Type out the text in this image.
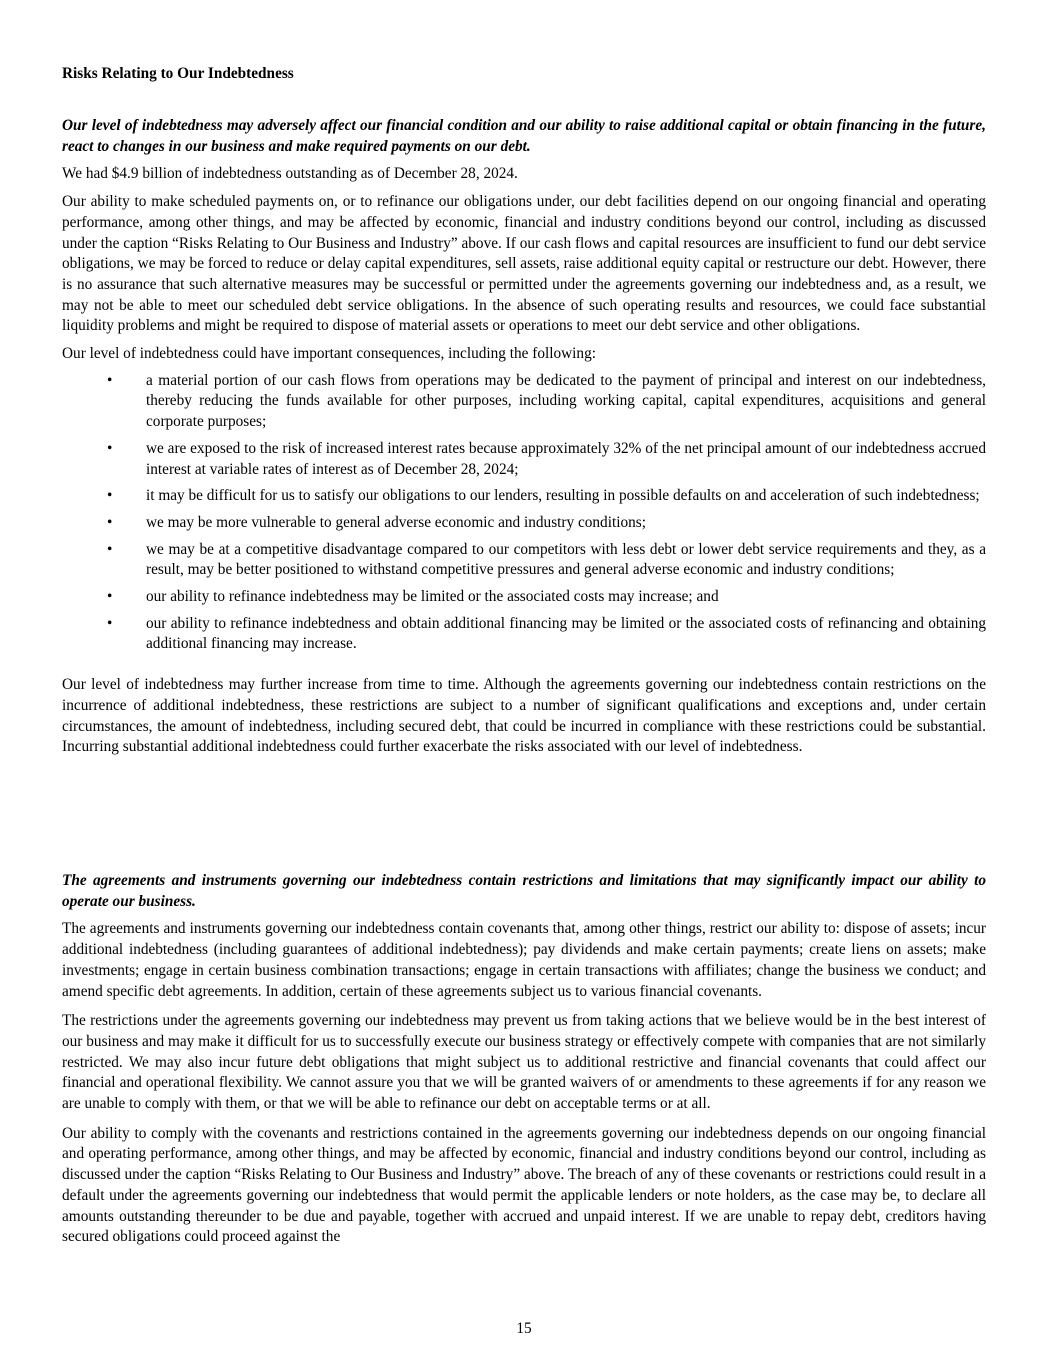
Risks Relating to Our Indebtedness

Our level of indebtedness may adversely affect our financial condition and our ability to raise additional capital or obtain financing in the future, react to changes in our business and make required payments on our debt.

We had $4.9 billion of indebtedness outstanding as of December 28, 2024.

Our ability to make scheduled payments on, or to refinance our obligations under, our debt facilities depend on our ongoing financial and operating performance, among other things, and may be affected by economic, financial and industry conditions beyond our control, including as discussed under the caption “Risks Relating to Our Business and Industry” above. If our cash flows and capital resources are insufficient to fund our debt service obligations, we may be forced to reduce or delay capital expenditures, sell assets, raise additional equity capital or restructure our debt. However, there is no assurance that such alternative measures may be successful or permitted under the agreements governing our indebtedness and, as a result, we may not be able to meet our scheduled debt service obligations. In the absence of such operating results and resources, we could face substantial liquidity problems and might be required to dispose of material assets or operations to meet our debt service and other obligations.

Our level of indebtedness could have important consequences, including the following:

• a material portion of our cash flows from operations may be dedicated to the payment of principal and interest on our indebtedness, thereby reducing the funds available for other purposes, including working capital, capital expenditures, acquisitions and general corporate purposes;
• we are exposed to the risk of increased interest rates because approximately 32% of the net principal amount of our indebtedness accrued interest at variable rates of interest as of December 28, 2024;
• it may be difficult for us to satisfy our obligations to our lenders, resulting in possible defaults on and acceleration of such indebtedness;
• we may be more vulnerable to general adverse economic and industry conditions;
• we may be at a competitive disadvantage compared to our competitors with less debt or lower debt service requirements and they, as a result, may be better positioned to withstand competitive pressures and general adverse economic and industry conditions;
• our ability to refinance indebtedness may be limited or the associated costs may increase; and
• our ability to refinance indebtedness and obtain additional financing may be limited or the associated costs of refinancing and obtaining additional financing may increase.

Our level of indebtedness may further increase from time to time. Although the agreements governing our indebtedness contain restrictions on the incurrence of additional indebtedness, these restrictions are subject to a number of significant qualifications and exceptions and, under certain circumstances, the amount of indebtedness, including secured debt, that could be incurred in compliance with these restrictions could be substantial. Incurring substantial additional indebtedness could further exacerbate the risks associated with our level of indebtedness.

The agreements and instruments governing our indebtedness contain restrictions and limitations that may significantly impact our ability to operate our business.

The agreements and instruments governing our indebtedness contain covenants that, among other things, restrict our ability to: dispose of assets; incur additional indebtedness (including guarantees of additional indebtedness); pay dividends and make certain payments; create liens on assets; make investments; engage in certain business combination transactions; engage in certain transactions with affiliates; change the business we conduct; and amend specific debt agreements. In addition, certain of these agreements subject us to various financial covenants.

The restrictions under the agreements governing our indebtedness may prevent us from taking actions that we believe would be in the best interest of our business and may make it difficult for us to successfully execute our business strategy or effectively compete with companies that are not similarly restricted. We may also incur future debt obligations that might subject us to additional restrictive and financial covenants that could affect our financial and operational flexibility. We cannot assure you that we will be granted waivers of or amendments to these agreements if for any reason we are unable to comply with them, or that we will be able to refinance our debt on acceptable terms or at all.

Our ability to comply with the covenants and restrictions contained in the agreements governing our indebtedness depends on our ongoing financial and operating performance, among other things, and may be affected by economic, financial and industry conditions beyond our control, including as discussed under the caption “Risks Relating to Our Business and Industry” above. The breach of any of these covenants or restrictions could result in a default under the agreements governing our indebtedness that would permit the applicable lenders or note holders, as the case may be, to declare all amounts outstanding thereunder to be due and payable, together with accrued and unpaid interest. If we are unable to repay debt, creditors having secured obligations could proceed against the

15
